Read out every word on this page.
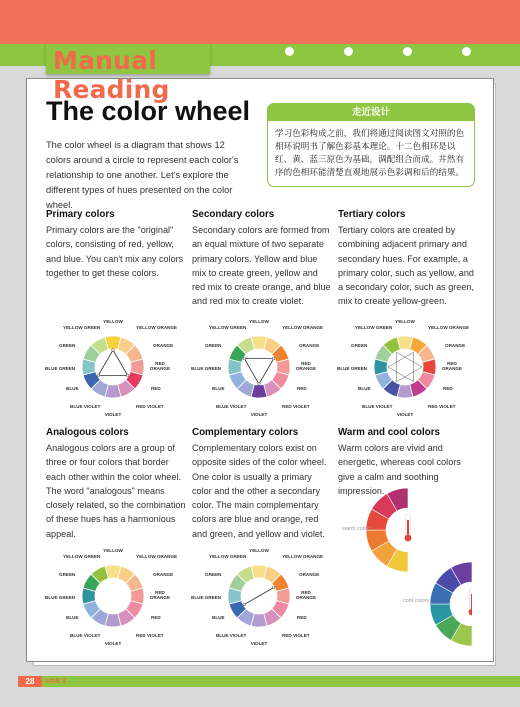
Manual Reading
The color wheel

The color wheel is a diagram that shows 12 colors around a circle to represent each color's relationship to one another. Let's explore the different types of hues presented on the color wheel.

走近设计

学习色彩构成之前，我们将通过阅读图文对照的色相环说明书了解色彩基本理论。十二色相环是以红、黄、蓝三原色为基础，调配组合而成。井然有序的色相环能清楚直观地展示色彩调和后的结果。

Primary colors

Primary colors are the "original" colors, consisting of red, yellow, and blue. You can't mix any colors together to get these colors.

Secondary colors

Secondary colors are formed from an equal mixture of two separate primary colors. Yellow and blue mix to create green, yellow and red mix to create orange, and blue and red mix to create violet.

Tertiary colors

Tertiary colors are created by combining adjacent primary and secondary hues. For example, a primary color, such as yellow, and a secondary color, such as green, mix to create yellow-green.

Analogous colors

Analogous colors are a group of three or four colors that border each other within the color wheel. The word "analogous" means closely related, so the combination of these hues has a harmonious appeal.

Complementary colors

Complementary colors exist on opposite sides of the color wheel. One color is usually a primary color and the other a secondary color. The main complementary colors are blue and orange, red and green, and yellow and violet.

Warm and cool colors

Warm colors are vivid and energetic, whereas cool colors give a calm and soothing impression.

YELLOW
YELLOW ORANGE
ORANGE
RED
ORANGE
RED
RED VIOLET
VIOLET
BLUE VIOLET
BLUE
BLUE GREEN
GREEN
YELLOW GREEN
YELLOW
YELLOW ORANGE
ORANGE
RED
ORANGE
RED
RED VIOLET
VIOLET
BLUE VIOLET
BLUE
BLUE GREEN
GREEN
YELLOW GREEN
YELLOW
YELLOW ORANGE
ORANGE
RED
ORANGE
RED
RED VIOLET
VIOLET
BLUE VIOLET
BLUE
BLUE GREEN
GREEN
YELLOW GREEN
YELLOW
YELLOW ORANGE
ORANGE
RED
ORANGE
RED
RED VIOLET
VIOLET
BLUE VIOLET
BLUE
BLUE GREEN
GREEN
YELLOW GREEN
YELLOW
YELLOW ORANGE
ORANGE
RED
ORANGE
RED
RED VIOLET
VIOLET
BLUE VIOLET
BLUE
BLUE GREEN
GREEN
YELLOW GREEN
warm colors
cool colors
28	Unit 3
